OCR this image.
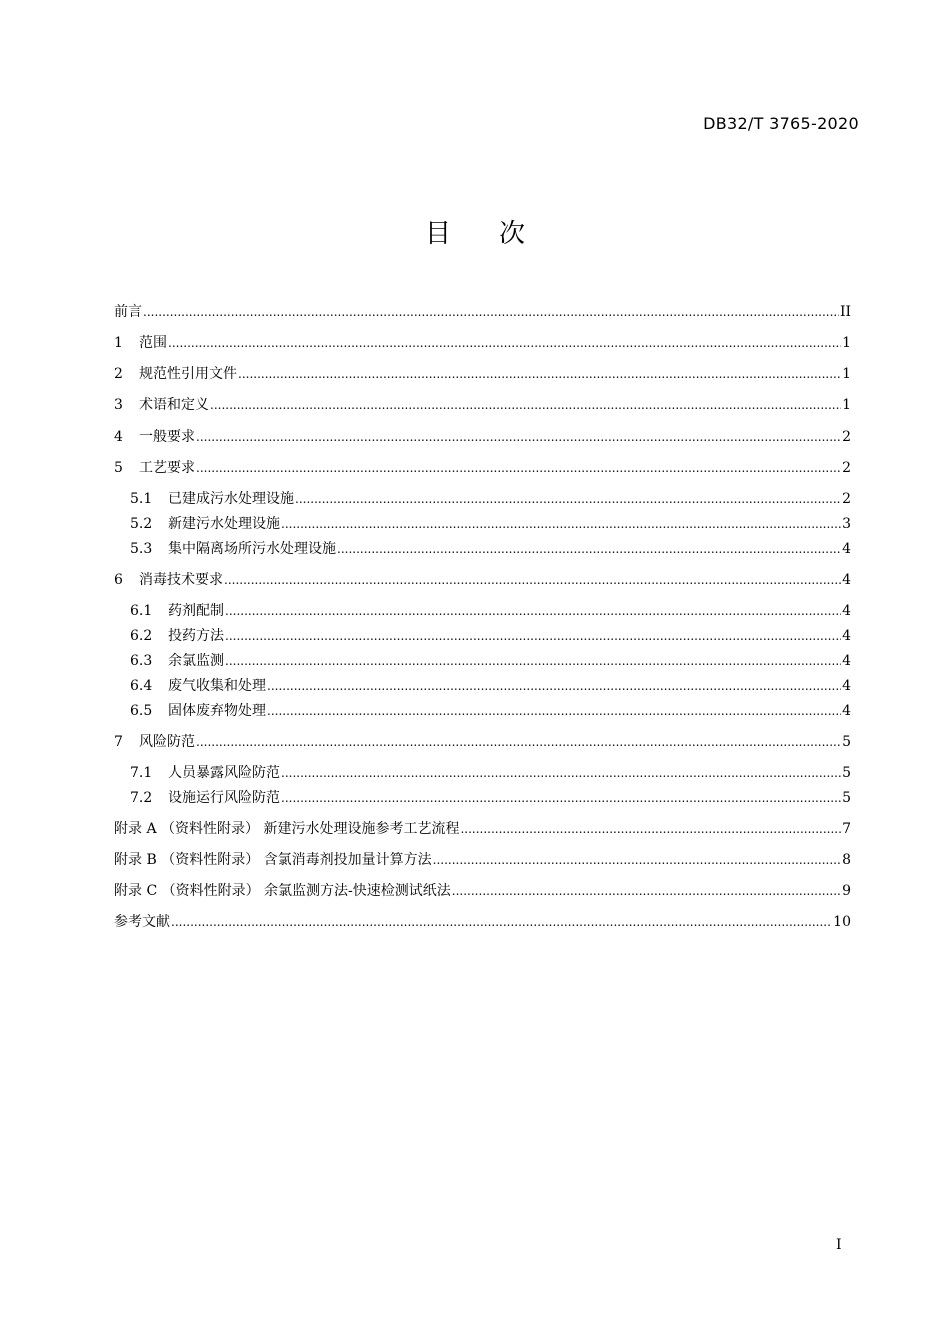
DB32/T 3765-2020
目 次
前言 .....	II
1	范围 .....	1
2	规范性引用文件 .....	1
3	术语和定义 .....	1
4	一般要求 .....	2
5	工艺要求 .....	2
5.1	已建成污水处理设施 .....	2
5.2	新建污水处理设施 .....	3
5.3	集中隔离场所污水处理设施 .....	4
6	消毒技术要求 .....	4
6.1	药剂配制 .....	4
6.2	投药方法 .....	4
6.3	余氯监测 .....	4
6.4	废气收集和处理 .....	4
6.5	固体废弃物处理 .....	4
7	风险防范 .....	5
7.1	人员暴露风险防范 .....	5
7.2	设施运行风险防范 .....	5
附录 A （资料性附录） 新建污水处理设施参考工艺流程 .....	7
附录 B （资料性附录） 含氯消毒剂投加量计算方法 .....	8
附录 C （资料性附录） 余氯监测方法-快速检测试纸法 .....	9
参考文献 .....	10
I
